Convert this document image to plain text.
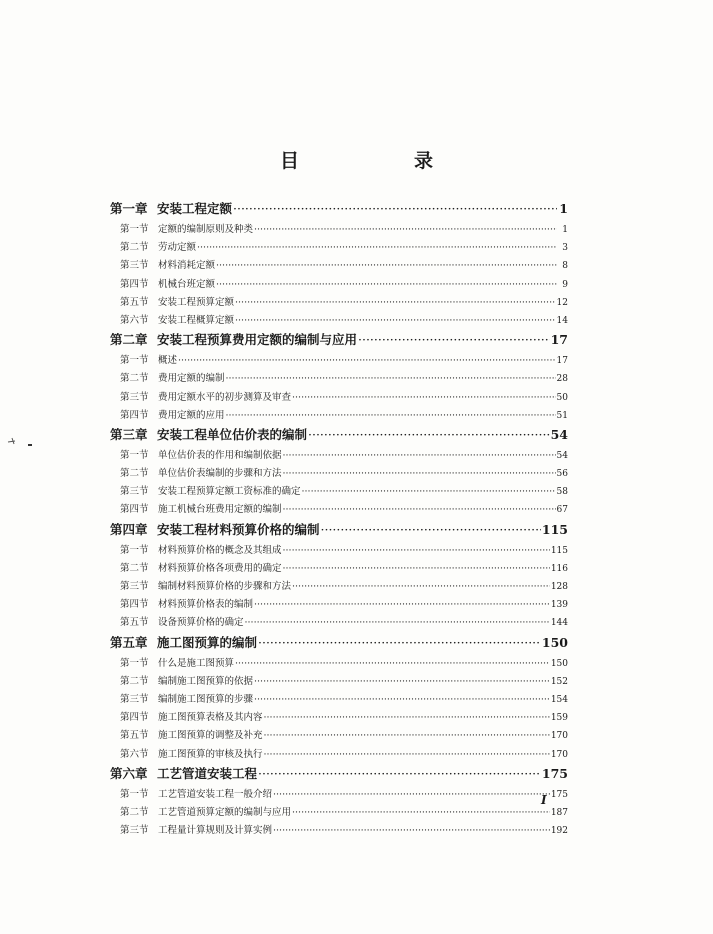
目　录
第一章 安装工程定额 ·····	1
第一节 定额的编制原则及种类 ·····	1
第二节 劳动定额 ·····	3
第三节 材料消耗定额 ·····	8
第四节 机械台班定额 ·····	9
第五节 安装工程预算定额 ·····	12
第六节 安装工程概算定额 ·····	14
第二章 安装工程预算费用定额的编制与应用 ·····	17
第一节 概述 ·····	17
第二节 费用定额的编制 ·····	28
第三节 费用定额水平的初步测算及审查 ·····	50
第四节 费用定额的应用 ·····	51
第三章 安装工程单位估价表的编制 ·····	54
第一节 单位估价表的作用和编制依据 ·····	54
第二节 单位估价表编制的步骤和方法 ·····	56
第三节 安装工程预算定额工资标准的确定 ·····	58
第四节 施工机械台班费用定额的编制 ·····	67
第四章 安装工程材料预算价格的编制 ·····	115
第一节 材料预算价格的概念及其组成 ·····	115
第二节 材料预算价格各项费用的确定 ·····	116
第三节 编制材料预算价格的步骤和方法 ·····	128
第四节 材料预算价格表的编制 ·····	139
第五节 设备预算价格的确定 ·····	144
第五章 施工图预算的编制 ·····	150
第一节 什么是施工图预算 ·····	150
第二节 编制施工图预算的依据 ·····	152
第三节 编制施工图预算的步骤 ·····	154
第四节 施工图预算表格及其内容 ·····	159
第五节 施工图预算的调整及补充 ·····	170
第六节 施工图预算的审核及执行 ·····	170
第六章 工艺管道安装工程 ·····	175
第一节 工艺管道安装工程一般介绍 ·····	175
第二节 工艺管道预算定额的编制与应用 ·····	187
第三节 工程量计算规则及计算实例 ·····	192
I
